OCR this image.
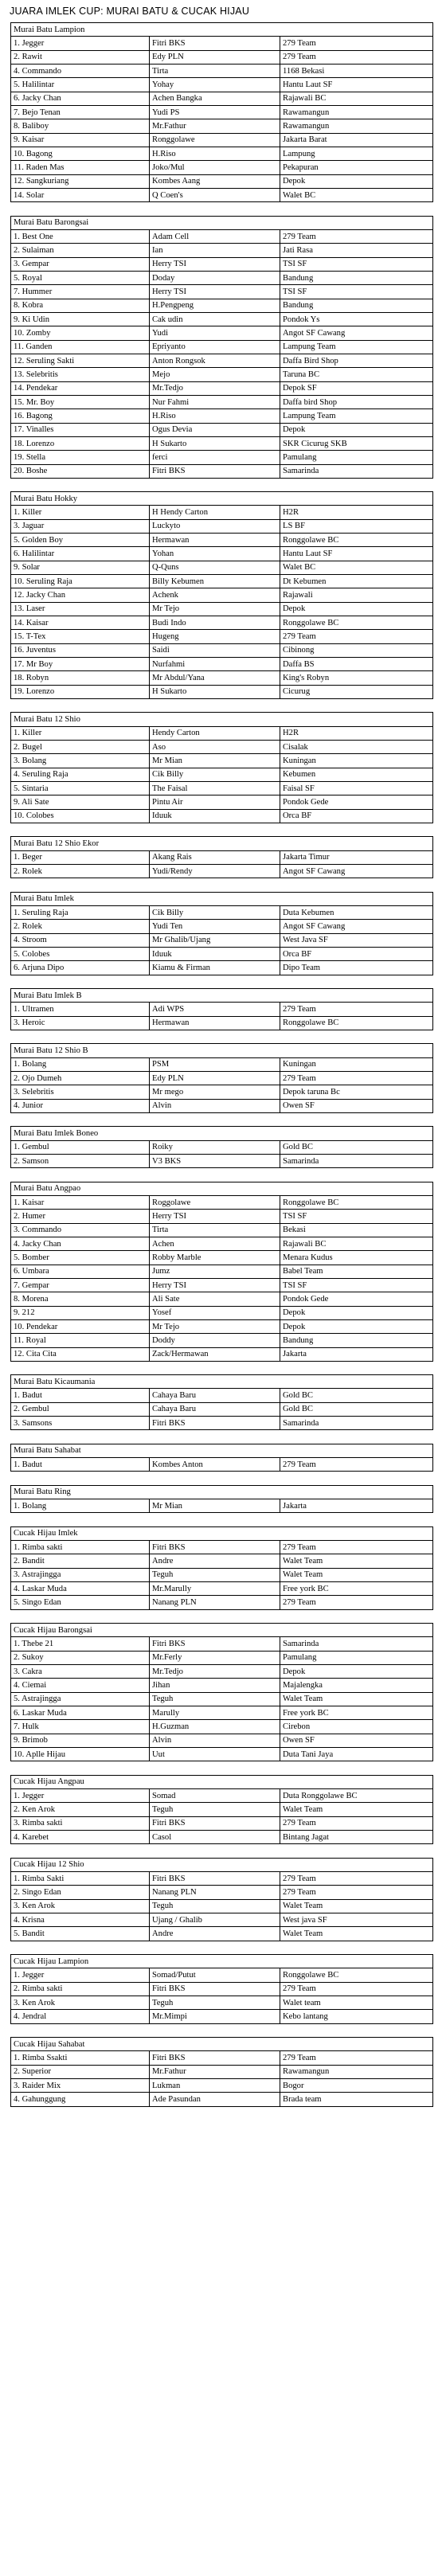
JUARA IMLEK CUP: MURAI BATU & CUCAK HIJAU
Murai Batu Lampion		
1. Jegger	Fitri BKS	279 Team
2. Rawit	Edy PLN	279 Team
4. Commando	Tirta	1168 Bekasi
5. Halilintar	Yohay	Hantu Laut SF
6. Jacky Chan	Achen Bangka	Rajawali BC
7. Bejo Tenan	Yudi PS	Rawamangun
8. Baliboy	Mr.Fathur	Rawamangun
9. Kaisar	Ronggolawe	Jakarta Barat
10. Bagong	H.Riso	Lampung
11. Raden Mas	Joko/Mul	Pekapuran
12. Sangkuriang	Kombes Aang	Depok
14. Solar	Q Coen's	Walet BC

Murai Batu Barongsai		
1. Best One	Adam Cell	279 Team
2. Sulaiman	Ian	Jati Rasa
3. Gempar	Herry TSI	TSI SF
5. Royal	Doday	Bandung
7. Hummer	Herry TSI	TSI SF
8. Kobra	H.Pengpeng	Bandung
9. Ki Udin	Cak udin	Pondok Ys
10. Zomby	Yudi	Angot SF Cawang
11. Ganden	Epriyanto	Lampung Team
12. Seruling Sakti	Anton Rongsok	Daffa Bird Shop
13. Selebritis	Mejo	Taruna BC
14. Pendekar	Mr.Tedjo	Depok SF
15. Mr. Boy	Nur Fahmi	Daffa bird Shop
16. Bagong	H.Riso	Lampung Team
17. Vinalles	Ogus Devia	Depok
18. Lorenzo	H Sukarto	SKR Cicurug SKB
19. Stella	ferci	Pamulang
20. Boshe	Fitri BKS	Samarinda

Murai Batu Hokky		
1. Killer	H Hendy Carton	H2R
3. Jaguar	Luckyto	LS BF
5. Golden Boy	Hermawan	Ronggolawe BC
6. Halilintar	Yohan	Hantu Laut SF
9. Solar	Q-Quns	Walet BC
10. Seruling Raja	Billy Kebumen	Dt Kebumen
12. Jacky Chan	Achenk	Rajawali
13. Laser	Mr Tejo	Depok
14. Kaisar	Budi Indo	Ronggolawe BC
15. T-Tex	Hugeng	279 Team
16. Juventus	Saidi	Cibinong
17. Mr Boy	Nurfahmi	Daffa BS
18. Robyn	Mr Abdul/Yana	King's Robyn
19. Lorenzo	H Sukarto	Cicurug

Murai Batu 12 Shio		
1. Killer	Hendy Carton	H2R
2. Bugel	Aso	Cisalak
3. Bolang	Mr Mian	Kuningan
4. Seruling Raja	Cik Billy	Kebumen
5. Sintaria	The Faisal	Faisal SF
9. Ali Sate	Pintu Air	Pondok Gede
10. Colobes	Iduuk	Orca BF

Murai Batu 12 Shio Ekor		
1. Beger	Akang Rais	Jakarta Timur
2. Rolek	Yudi/Rendy	Angot SF Cawang

Murai Batu Imlek		
1. Seruling Raja	Cik Billy	Duta Kebumen
2. Rolek	Yudi Ten	Angot SF Cawang
4. Stroom	Mr Ghalib/Ujang	West Java SF
5. Colobes	Iduuk	Orca BF
6. Arjuna Dipo	Kiamu & Firman	Dipo Team

Murai Batu Imlek B		
1. Ultramen	Adi WPS	279 Team
3. Heroic	Hermawan	Ronggolawe BC

Murai Batu 12 Shio B		
1. Bolang	PSM	Kuningan
2. Ojo Dumeh	Edy PLN	279 Team
3. Selebritis	Mr mego	Depok taruna Bc
4. Junior	Alvin	Owen SF

Murai Batu Imlek Boneo		
1. Gembul	Roiky	Gold BC
2. Samson	V3 BKS	Samarinda

Murai Batu Angpao		
1. Kaisar	Roggolawe	Ronggolawe BC
2. Humer	Herry TSI	TSI SF
3. Commando	Tirta	Bekasi
4. Jacky Chan	Achen	Rajawali BC
5. Bomber	Robby Marble	Menara Kudus
6. Umbara	Jumz	Babel Team
7. Gempar	Herry TSI	TSI SF
8. Morena	Ali Sate	Pondok Gede
9. 212	Yosef	Depok
10. Pendekar	Mr Tejo	Depok
11. Royal	Doddy	Bandung
12. Cita Cita	Zack/Hermawan	Jakarta

Murai Batu Kicaumania		
1. Badut	Cahaya Baru	Gold BC
2. Gembul	Cahaya Baru	Gold BC
3. Samsons	Fitri BKS	Samarinda

Murai Batu Sahabat		
1. Badut	Kombes Anton	279 Team

Murai Batu Ring		
1. Bolang	Mr Mian	Jakarta

Cucak Hijau Imlek		
1. Rimba sakti	Fitri BKS	279 Team
2. Bandit	Andre	Walet Team
3. Astrajingga	Teguh	Walet Team
4. Laskar Muda	Mr.Marully	Free york BC
5. Singo Edan	Nanang PLN	279 Team

Cucak Hijau Barongsai		
1. Thebe 21	Fitri BKS	Samarinda
2. Sukoy	Mr.Ferly	Pamulang
3. Cakra	Mr.Tedjo	Depok
4. Ciemai	Jihan	Majalengka
5. Astrajingga	Teguh	Walet Team
6. Laskar Muda	Marully	Free york BC
7. Hulk	H.Guzman	Cirebon
9. Brimob	Alvin	Owen SF
10. Aplle Hijau	Uut	Duta Tani Jaya

Cucak Hijau Angpau		
1. Jegger	Somad	Duta Ronggolawe BC
2. Ken Arok	Teguh	Walet Team
3. Rimba sakti	Fitri BKS	279 Team
4. Karebet	Casol	Bintang Jagat

Cucak Hijau 12 Shio		
1. Rimba Sakti	Fitri BKS	279 Team
2. Singo Edan	Nanang PLN	279 Team
3. Ken Arok	Teguh	Walet Team
4. Krisna	Ujang / Ghalib	West java SF
5. Bandit	Andre	Walet Team

Cucak Hijau Lampion		
1. Jegger	Somad/Putut	Ronggolawe BC
2. Rimba sakti	Fitri BKS	279 Team
3. Ken Arok	Teguh	Walet team
4. Jendral	Mr.Mimpi	Kebo lantang

Cucak Hijau Sahabat		
1. Rimba Ssakti	Fitri BKS	279 Team
2. Superior	Mr.Fathur	Rawamangun
3. Raider Mix	Lukman	Bogor
4. Gahunggung	Ade Pasundan	Brada team
